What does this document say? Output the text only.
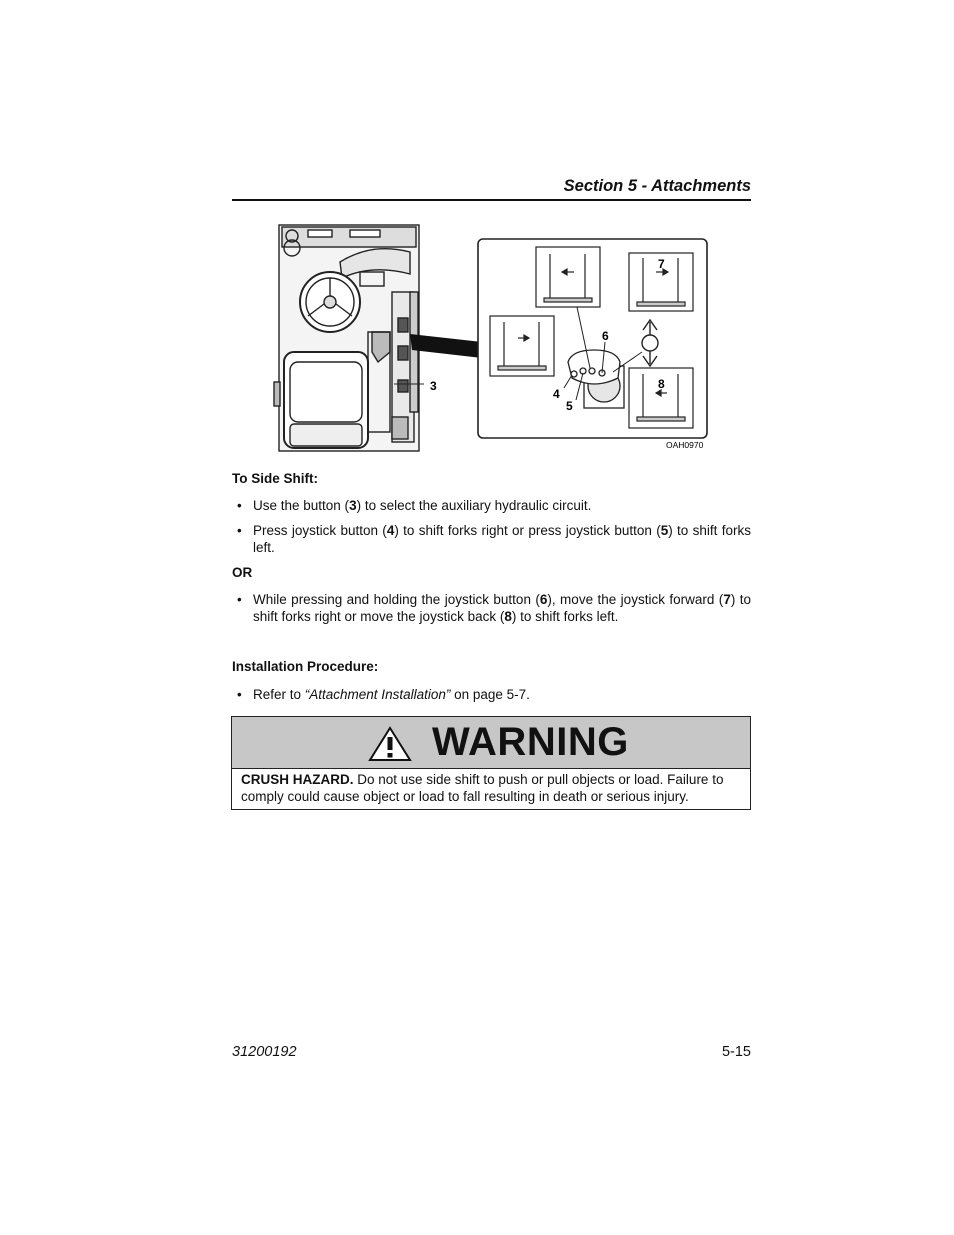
Section 5 - Attachments
3
7
8
6
4
5
OAH0970
To Side Shift:
• Use the button (3) to select the auxiliary hydraulic circuit.
• Press joystick button (4) to shift forks right or press joystick button (5) to shift forks left.
OR
• While pressing and holding the joystick button (6), move the joystick forward (7) to shift forks right or move the joystick back (8) to shift forks left.
Installation Procedure:
• Refer to “Attachment Installation” on page 5-7.
WARNING
CRUSH HAZARD. Do not use side shift to push or pull objects or load. Failure to comply could cause object or load to fall resulting in death or serious injury.
31200192	5-15
